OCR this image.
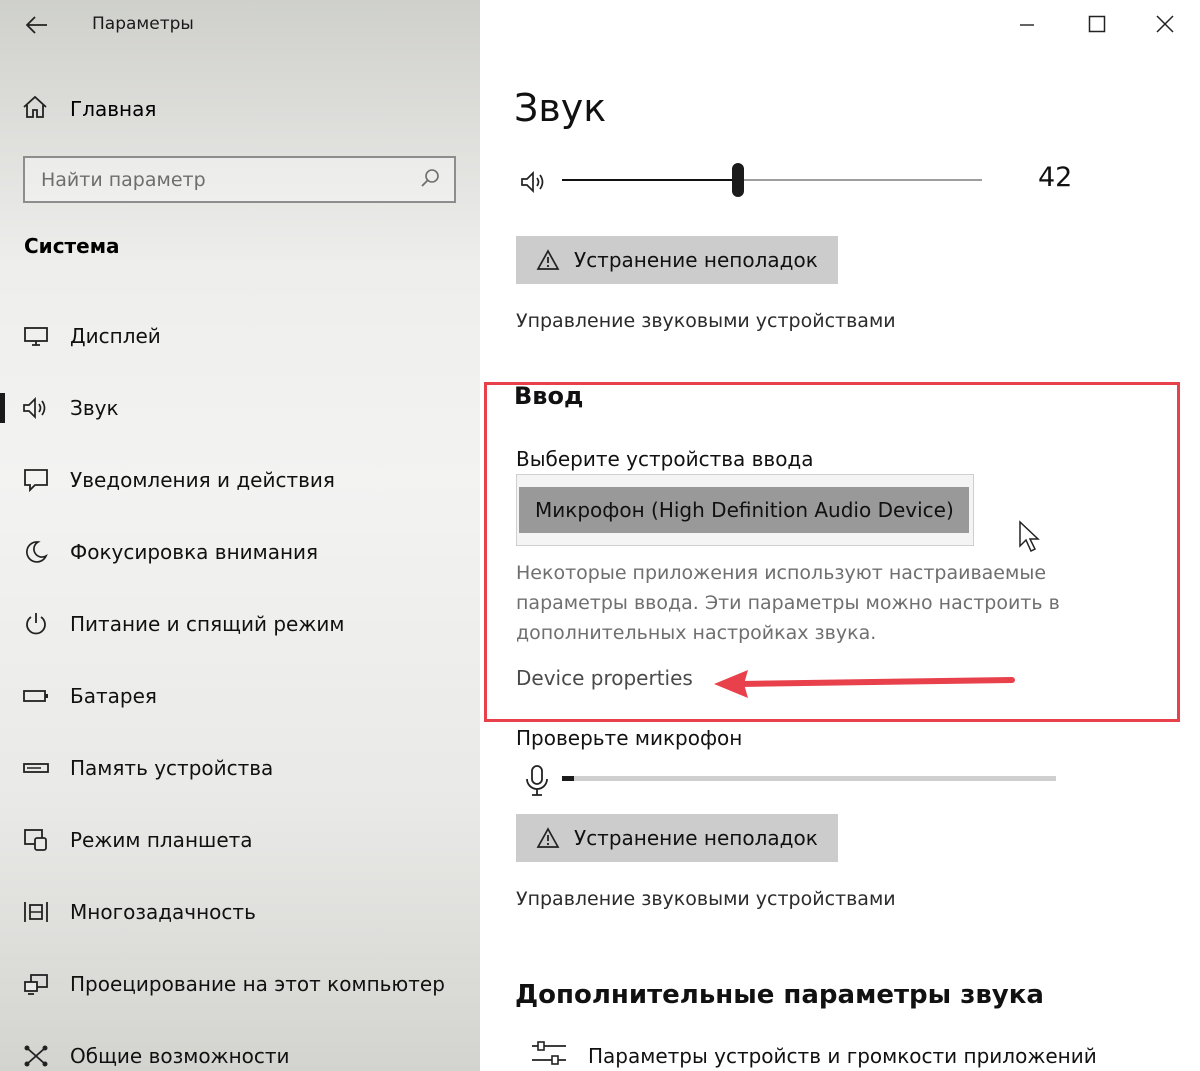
Параметры
Главная
Найти параметр
Система
Дисплей
Звук
Уведомления и действия
Фокусировка внимания
Питание и спящий режим
Батарея
Память устройства
Режим планшета
Многозадачность
Проецирование на этот компьютер
Общие возможности
Звук
42
Устранение неполадок
Управление звуковыми устройствами
Ввод
Выберите устройства ввода
Микрофон (High Definition Audio Device)
Некоторые приложения используют настраиваемые параметры ввода. Эти параметры можно настроить в дополнительных настройках звука.
Device properties
Проверьте микрофон
Устранение неполадок
Управление звуковыми устройствами
Дополнительные параметры звука
Параметры устройств и громкости приложений
